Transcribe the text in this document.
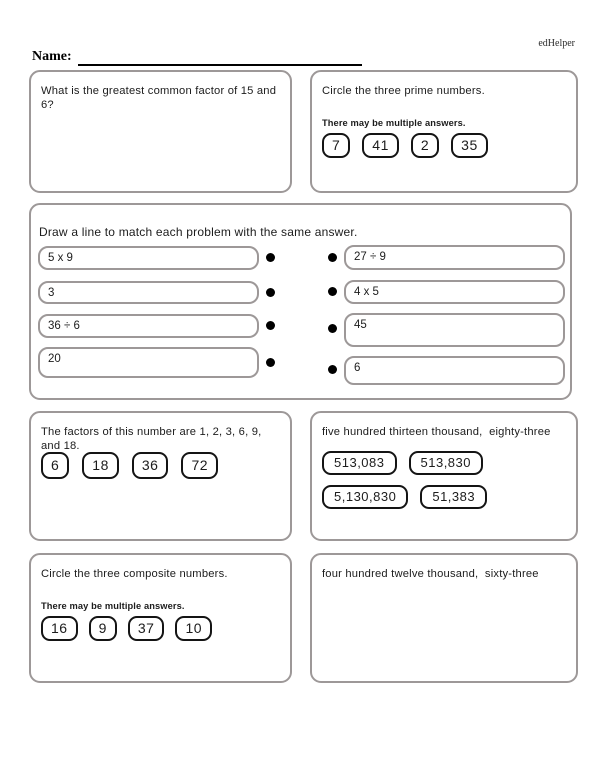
edHelper
Name:
What is the greatest common factor of 15 and 6?
Circle the three prime numbers.
There may be multiple answers.
7	41	2	35
Draw a line to match each problem with the same answer.
5 x 9
3
36 ÷ 6
20
27 ÷ 9
4 x 5
45
6
The factors of this number are 1, 2, 3, 6, 9,  and 18.
6	18	36	72
five hundred thirteen thousand,  eighty-three
513,083	513,830
5,130,830	51,383
Circle the three composite numbers.
There may be multiple answers.
16	9	37	10
four hundred twelve thousand,  sixty-three
